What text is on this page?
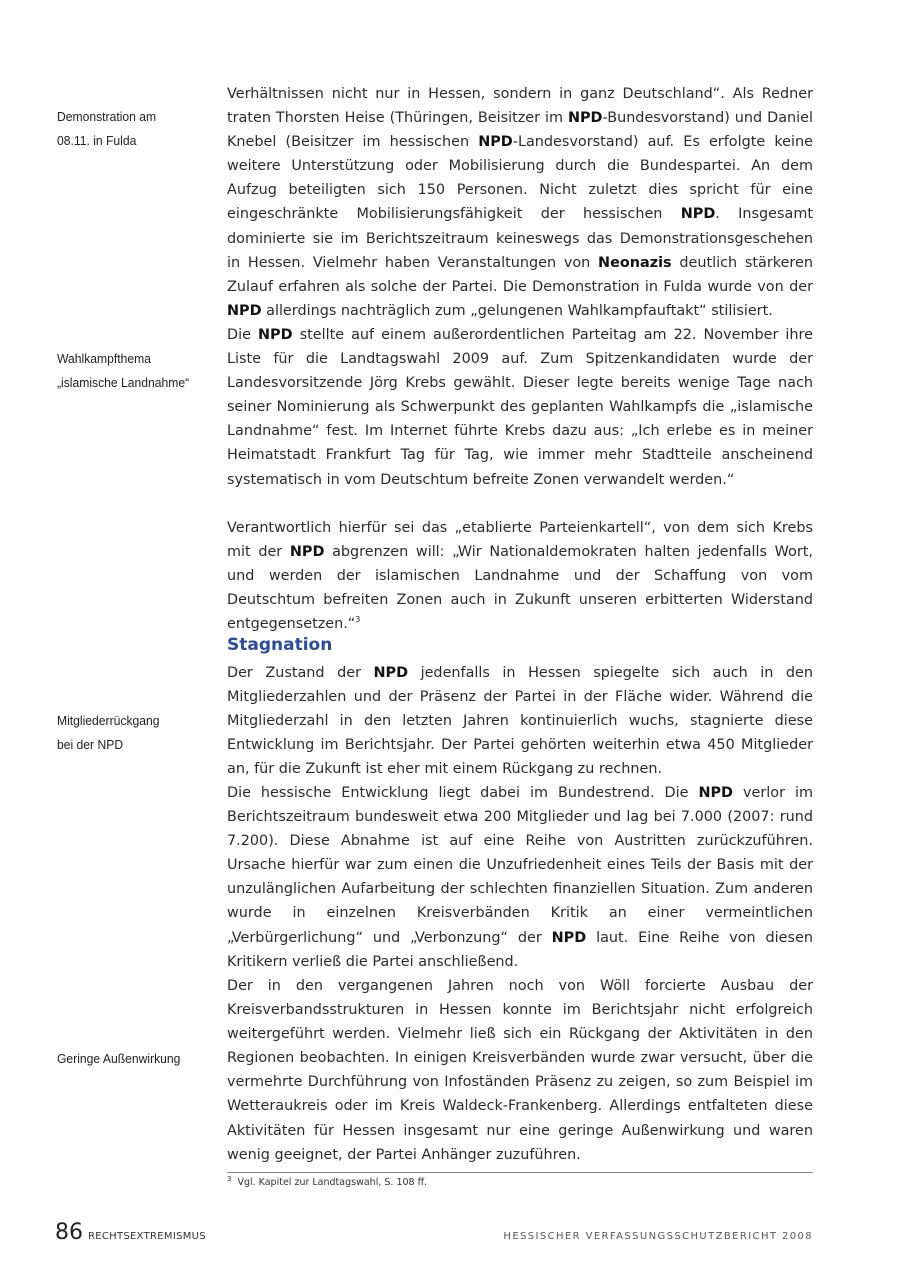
Demonstration am
08.11. in Fulda

Verhältnissen nicht nur in Hessen, sondern in ganz Deutschland“. Als Redner traten Thorsten Heise (Thüringen, Beisitzer im NPD-Bundesvorstand) und Daniel Knebel (Beisitzer im hessischen NPD-Landesvorstand) auf. Es erfolgte keine weitere Unterstützung oder Mobilisierung durch die Bundespartei. An dem Aufzug beteiligten sich 150 Personen. Nicht zuletzt dies spricht für eine eingeschränkte Mobilisierungsfähigkeit der hessischen NPD. Insgesamt dominierte sie im Berichtszeitraum keineswegs das Demonstrationsgeschehen in Hessen. Vielmehr haben Veranstaltungen von Neonazis deutlich stärkeren Zulauf erfahren als solche der Partei. Die Demonstration in Fulda wurde von der NPD allerdings nachträglich zum „gelungenen Wahlkampfauftakt“ stilisiert.

Wahlkampfthema
„islamische Landnahme“

Die NPD stellte auf einem außerordentlichen Parteitag am 22. November ihre Liste für die Landtagswahl 2009 auf. Zum Spitzenkandidaten wurde der Landesvorsitzende Jörg Krebs gewählt. Dieser legte bereits wenige Tage nach seiner Nominierung als Schwerpunkt des geplanten Wahlkampfs die „islamische Landnahme“ fest. Im Internet führte Krebs dazu aus: „Ich erlebe es in meiner Heimatstadt Frankfurt Tag für Tag, wie immer mehr Stadtteile anscheinend systematisch in vom Deutschtum befreite Zonen verwandelt werden.“

Verantwortlich hierfür sei das „etablierte Parteienkartell“, von dem sich Krebs mit der NPD abgrenzen will: „Wir Nationaldemokraten halten jedenfalls Wort, und werden der islamischen Landnahme und der Schaffung von vom Deutschtum befreiten Zonen auch in Zukunft unseren erbitterten Widerstand entgegensetzen.“$^3$

Stagnation
Mitgliederrückgang
bei der NPD

Der Zustand der NPD jedenfalls in Hessen spiegelte sich auch in den Mitgliederzahlen und der Präsenz der Partei in der Fläche wider. Während die Mitgliederzahl in den letzten Jahren kontinuierlich wuchs, stagnierte diese Entwicklung im Berichtsjahr. Der Partei gehörten weiterhin etwa 450 Mitglieder an, für die Zukunft ist eher mit einem Rückgang zu rechnen.

Die hessische Entwicklung liegt dabei im Bundestrend. Die NPD verlor im Berichtszeitraum bundesweit etwa 200 Mitglieder und lag bei 7.000 (2007: rund 7.200). Diese Abnahme ist auf eine Reihe von Austritten zurückzuführen. Ursache hierfür war zum einen die Unzufriedenheit eines Teils der Basis mit der unzulänglichen Aufarbeitung der schlechten finanziellen Situation. Zum anderen wurde in einzelnen Kreisverbänden Kritik an einer vermeintlichen „Verbürgerlichung“ und „Verbonzung“ der NPD laut. Eine Reihe von diesen Kritikern verließ die Partei anschließend.

Geringe Außenwirkung

Der in den vergangenen Jahren noch von Wöll forcierte Ausbau der Kreisverbandsstrukturen in Hessen konnte im Berichtsjahr nicht erfolgreich weitergeführt werden. Vielmehr ließ sich ein Rückgang der Aktivitäten in den Regionen beobachten. In einigen Kreisverbänden wurde zwar versucht, über die vermehrte Durchführung von Infoständen Präsenz zu zeigen, so zum Beispiel im Wetteraukreis oder im Kreis Waldeck-Frankenberg. Allerdings entfalteten diese Aktivitäten für Hessen insgesamt nur eine geringe Außenwirkung und waren wenig geeignet, der Partei Anhänger zuzuführen.

$^3$ Vgl. Kapitel zur Landtagswahl, S. 108 ff.
86 RECHTSEXTREMISMUS	HESSISCHER VERFASSUNGSSCHUTZBERICHT 2008
